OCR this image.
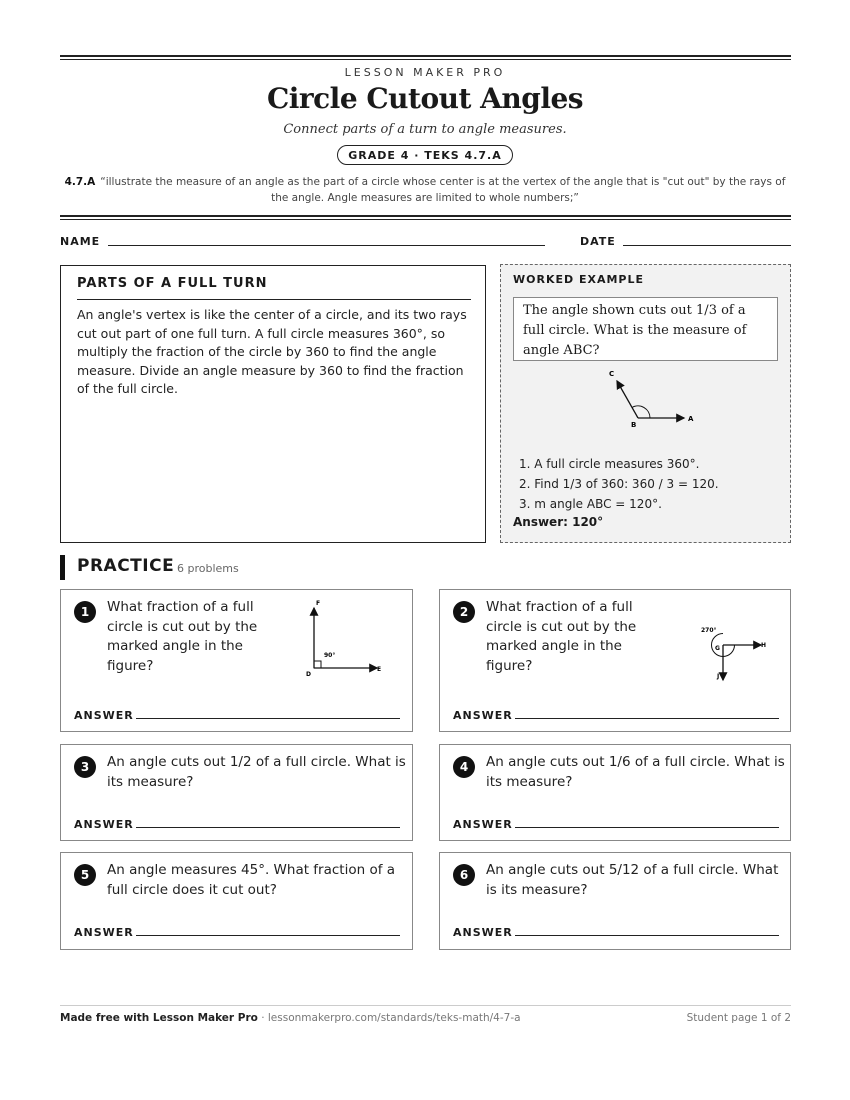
LESSON MAKER PRO
Circle Cutout Angles
Connect parts of a turn to angle measures.
GRADE 4 · TEKS 4.7.A
4.7.A “illustrate the measure of an angle as the part of a circle whose center is at the vertex of the angle that is "cut out" by the rays of the angle. Angle measures are limited to whole numbers;”
NAME	DATE
PARTS OF A FULL TURN
An angle's vertex is like the center of a circle, and its two rays cut out part of one full turn. A full circle measures 360°, so multiply the fraction of the circle by 360 to find the angle measure. Divide an angle measure by 360 to find the fraction of the full circle.
WORKED EXAMPLE
The angle shown cuts out 1/3 of a full circle. What is the measure of angle ABC?
C
B
A
1. A full circle measures 360°.
2. Find 1/3 of 360: 360 / 3 = 120.
3. m angle ABC = 120°.
Answer: 120°
PRACTICE 6 problems
1	What fraction of a full
circle is cut out by the
marked angle in the
figure?
F
D
E
90°
ANSWER
2	What fraction of a full
circle is cut out by the
marked angle in the
figure?
270°
G	H
J
ANSWER
3	An angle cuts out 1/2 of a full circle. What is
its measure?
ANSWER
4	An angle cuts out 1/6 of a full circle. What is
its measure?
ANSWER
5	An angle measures 45°. What fraction of a
full circle does it cut out?
ANSWER
6	An angle cuts out 5/12 of a full circle. What
is its measure?
ANSWER
Made free with Lesson Maker Pro · lessonmakerpro.com/standards/teks-math/4-7-a	Student page 1 of 2
